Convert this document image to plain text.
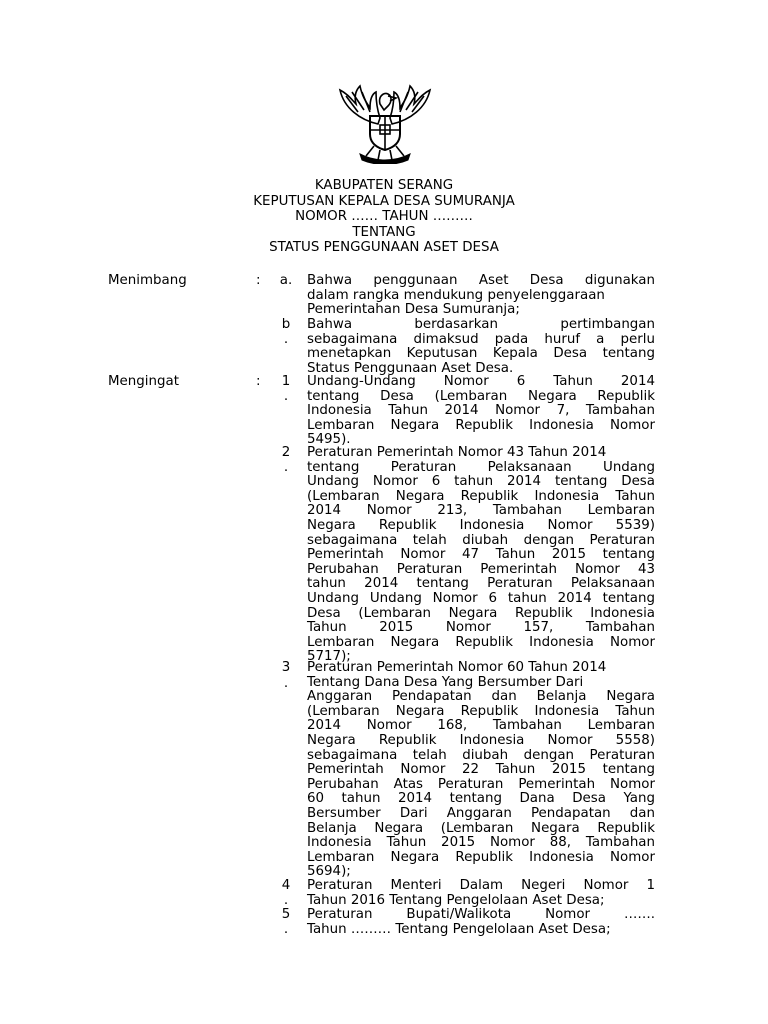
KABUPATEN SERANG
KEPUTUSAN KEPALA DESA SUMURANJA
NOMOR …… TAHUN ………
TENTANG
STATUS PENGGUNAAN ASET DESA
Menimbang	: a. Bahwa penggunaan Aset Desa digunakan
dalam rangka mendukung penyelenggaraan
Pemerintahan Desa Sumuranja;
b
.
Bahwa berdasarkan pertimbangan
sebagaimana dimaksud pada huruf a perlu
menetapkan Keputusan Kepala Desa tentang
Status Penggunaan Aset Desa.
Mengingat	: 1
.
Undang-Undang Nomor 6 Tahun 2014
tentang Desa (Lembaran Negara Republik
Indonesia Tahun 2014 Nomor 7, Tambahan
Lembaran Negara Republik Indonesia Nomor
5495).
2
.
Peraturan Pemerintah Nomor 43 Tahun 2014
tentang Peraturan Pelaksanaan Undang
Undang Nomor 6 tahun 2014 tentang Desa
(Lembaran Negara Republik Indonesia Tahun
2014 Nomor 213, Tambahan Lembaran
Negara Republik Indonesia Nomor 5539)
sebagaimana telah diubah dengan Peraturan
Pemerintah Nomor 47 Tahun 2015 tentang
Perubahan Peraturan Pemerintah Nomor 43
tahun 2014 tentang Peraturan Pelaksanaan
Undang Undang Nomor 6 tahun 2014 tentang
Desa (Lembaran Negara Republik Indonesia
Tahun 2015 Nomor 157, Tambahan
Lembaran Negara Republik Indonesia Nomor
5717);
3
.
Peraturan Pemerintah Nomor 60 Tahun 2014
Tentang Dana Desa Yang Bersumber Dari
Anggaran Pendapatan dan Belanja Negara
(Lembaran Negara Republik Indonesia Tahun
2014 Nomor 168, Tambahan Lembaran
Negara Republik Indonesia Nomor 5558)
sebagaimana telah diubah dengan Peraturan
Pemerintah Nomor 22 Tahun 2015 tentang
Perubahan Atas Peraturan Pemerintah Nomor
60 tahun 2014 tentang Dana Desa Yang
Bersumber Dari Anggaran Pendapatan dan
Belanja Negara (Lembaran Negara Republik
Indonesia Tahun 2015 Nomor 88, Tambahan
Lembaran Negara Republik Indonesia Nomor
5694);
4
.
Peraturan Menteri Dalam Negeri Nomor 1
Tahun 2016 Tentang Pengelolaan Aset Desa;
5
.
Peraturan Bupati/Walikota Nomor …….
Tahun ……… Tentang Pengelolaan Aset Desa;
